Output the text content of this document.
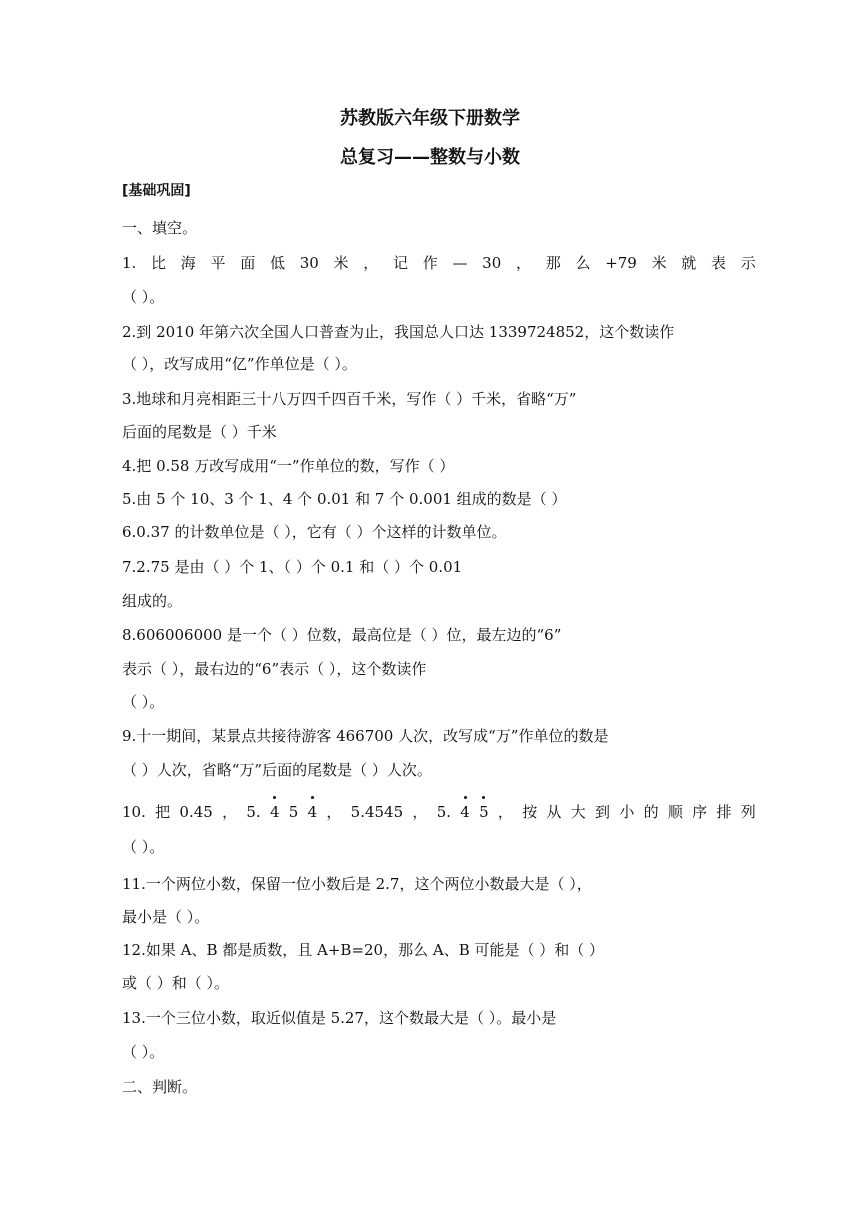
苏教版六年级下册数学
总复习——整数与小数
[基础巩固]
一、填空。
1. 比 海 平 面 低 30 米 ， 记 作 — 30 ， 那 么 +79 米 就 表 示
（ ）。
2.到 2010 年第六次全国人口普查为止，我国总人口达 1339724852，这个数读作
（ ），改写成用“亿”作单位是（ ）。
3.地球和月亮相距三十八万四千四百千米，写作（ ）千米，省略“万”
后面的尾数是（ ）千米
4.把 0.58 万改写成用“一”作单位的数，写作（ ）
5.由 5 个 10、3 个 1、4 个 0.01 和 7 个 0.001 组成的数是（ ）
6.0.37 的计数单位是（ ），它有（ ）个这样的计数单位。
7.2.75 是由（ ）个 1、（ ）个 0.1 和（ ）个 0.01
组成的。
8.606006000 是一个（ ）位数，最高位是（ ）位，最左边的“6”
表示（ ），最右边的“6”表示（ ），这个数读作
（ ）。
9.十一期间，某景点共接待游客 466700 人次，改写成“万”作单位的数是
（ ）人次，省略“万”后面的尾数是（ ）人次。
10. 把 0.45 ， 5. 4 5 4 ， 5.4545 ， 5. 4 5 ， 按 从 大 到 小 的 顺 序 排 列
（ ）。
11.一个两位小数，保留一位小数后是 2.7，这个两位小数最大是（ ），
最小是（ ）。
12.如果 A、B 都是质数，且 A+B=20，那么 A、B 可能是（ ）和（ ）
或（ ）和（ ）。
13.一个三位小数，取近似值是 5.27，这个数最大是（ ）。最小是
（ ）。
二、判断。
